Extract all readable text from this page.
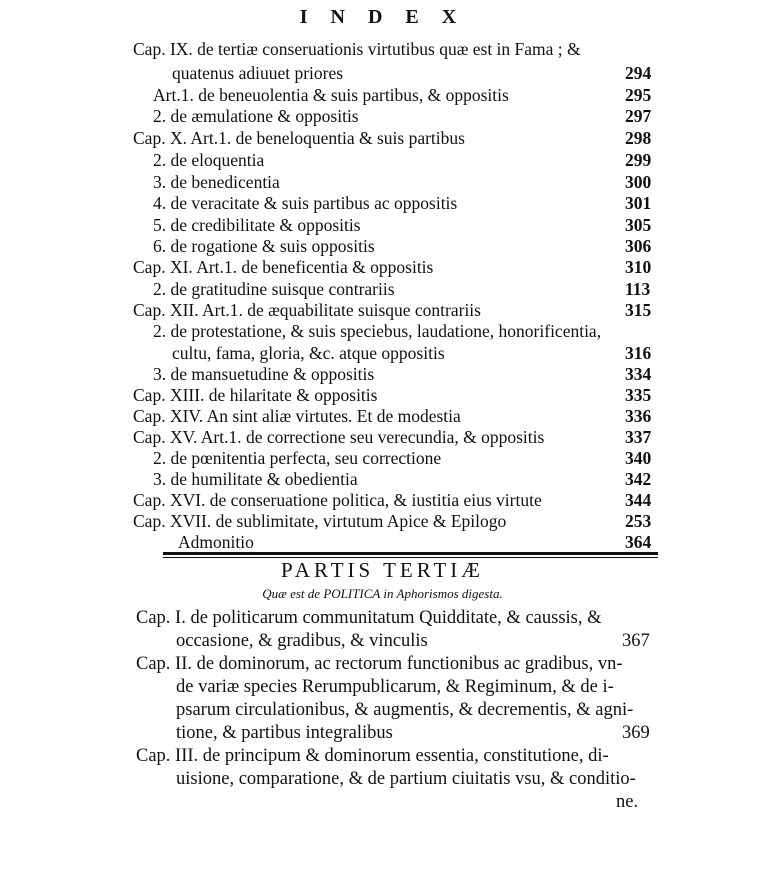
I N D E X
Cap. IX. de tertiæ conseruationis virtutibus quæ est in Fama ; &
quatenus adiuuet priores	294
Art.1. de beneuolentia & suis partibus, & oppositis	295
2. de æmulatione & oppositis	297
Cap. X. Art.1. de beneloquentia & suis partibus	298
2. de eloquentia	299
3. de benedicentia	300
4. de veracitate & suis partibus ac oppositis	301
5. de credibilitate & oppositis	305
6. de rogatione & suis oppositis	306
Cap. XI. Art.1. de beneficentia & oppositis	310
2. de gratitudine suisque contrariis	113
Cap. XII. Art.1. de æquabilitate suisque contrariis	315
2. de protestatione, & suis speciebus, laudatione, honorificentia,
cultu, fama, gloria, &c. atque oppositis	316
3. de mansuetudine & oppositis	334
Cap. XIII. de hilaritate & oppositis	335
Cap. XIV. An sint aliæ virtutes. Et de modestia	336
Cap. XV. Art.1. de correctione seu verecundia, & oppositis	337
2. de pœnitentia perfecta, seu correctione	340
3. de humilitate & obedientia	342
Cap. XVI. de conseruatione politica, & iustitia eius virtute	344
Cap. XVII. de sublimitate, virtutum Apice & Epilogo	253
Admonitio	364
PARTIS TERTIÆ
Quæ est de POLITICA in Aphorismos digesta.
Cap. I. de politicarum communitatum Quidditate, & caussis, &
occasione, & gradibus, & vinculis	367
Cap. II. de dominorum, ac rectorum functionibus ac gradibus, vn-
de variæ species Rerumpublicarum, & Regiminum, & de i-
psarum circulationibus, & augmentis, & decrementis, & agni-
tione, & partibus integralibus	369
Cap. III. de principum & dominorum essentia, constitutione, di-
uisione, comparatione, & de partium ciuitatis vsu, & conditio-
ne.
